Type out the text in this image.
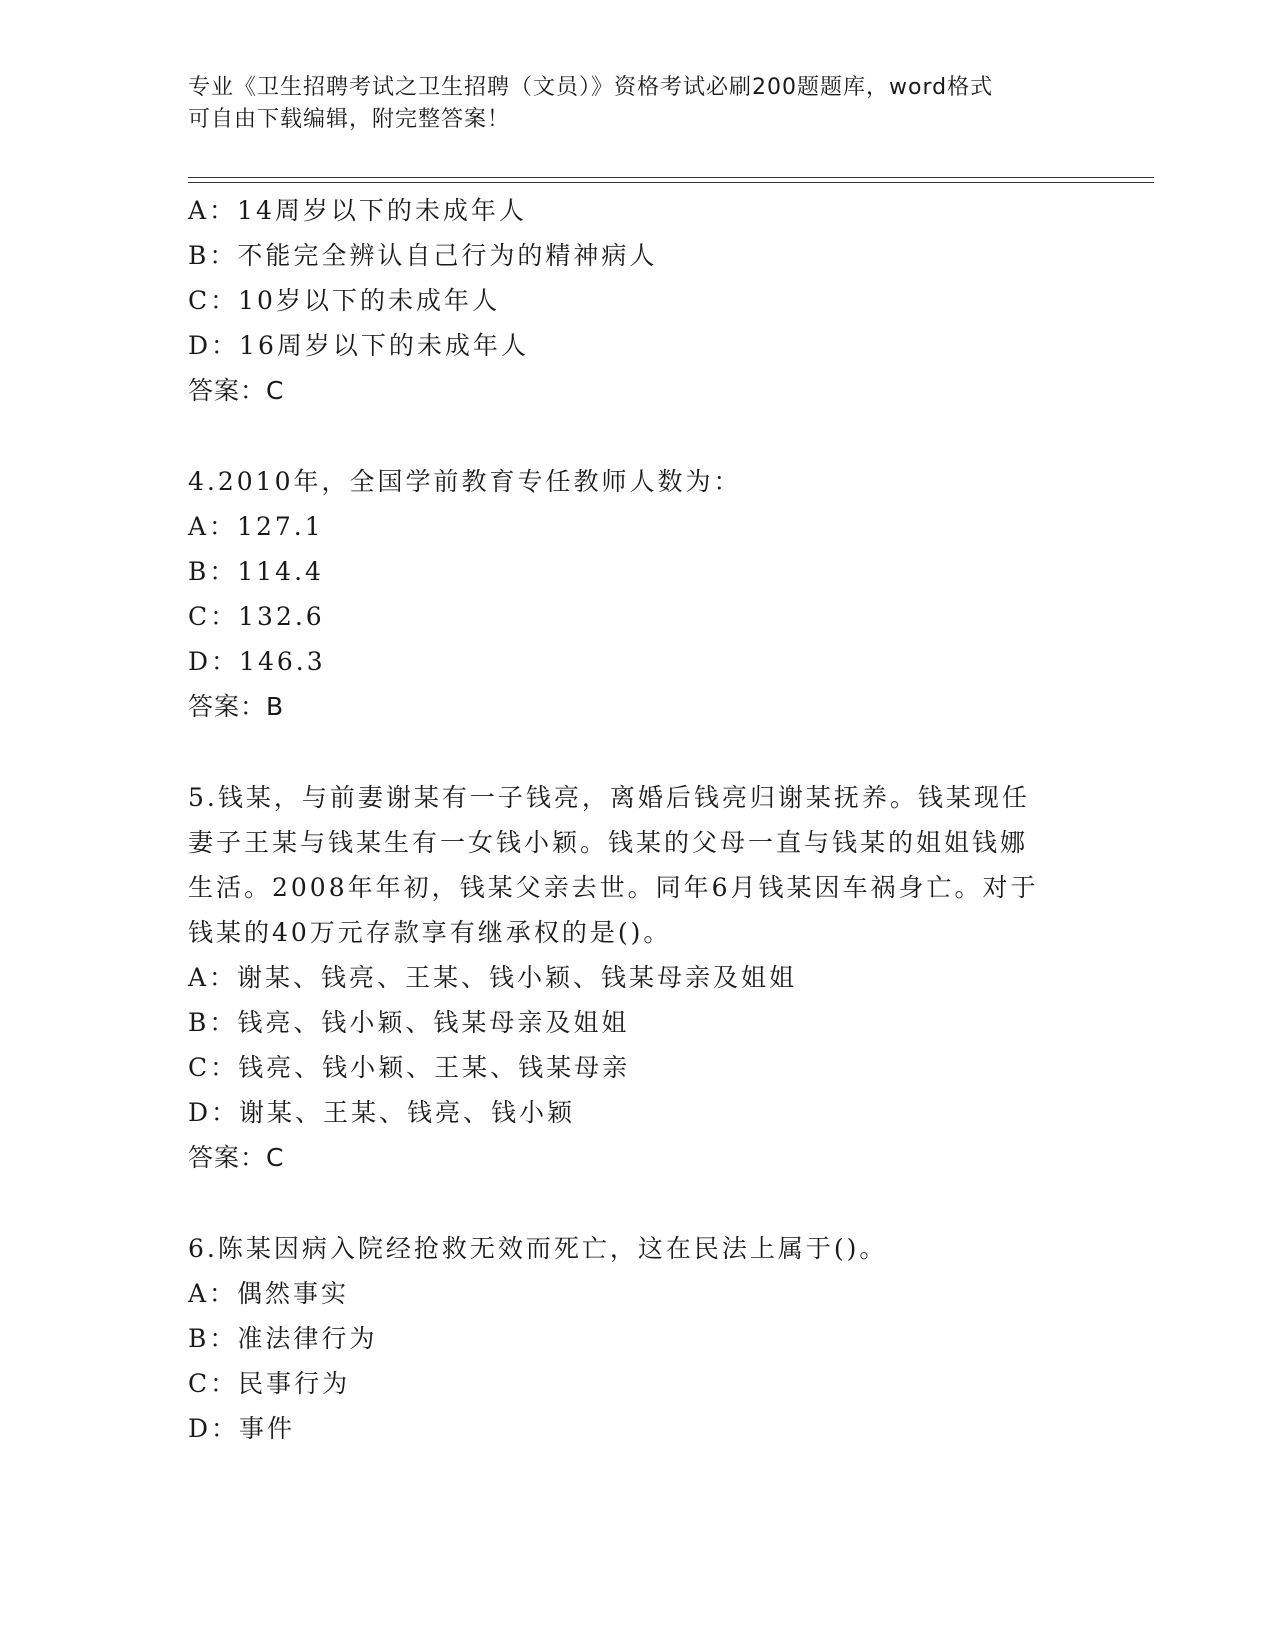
专业《卫生招聘考试之卫生招聘（文员）》资格考试必刷200题题库，word格式
可自由下载编辑，附完整答案！
A：14周岁以下的未成年人
B：不能完全辨认自己行为的精神病人
C：10岁以下的未成年人
D：16周岁以下的未成年人
答案：C
4.2010年，全国学前教育专任教师人数为：
A：127.1
B：114.4
C：132.6
D：146.3
答案：B
5.钱某，与前妻谢某有一子钱亮，离婚后钱亮归谢某抚养。钱某现任
妻子王某与钱某生有一女钱小颖。钱某的父母一直与钱某的姐姐钱娜
生活。2008年年初，钱某父亲去世。同年6月钱某因车祸身亡。对于
钱某的40万元存款享有继承权的是()。
A：谢某、钱亮、王某、钱小颖、钱某母亲及姐姐
B：钱亮、钱小颖、钱某母亲及姐姐
C：钱亮、钱小颖、王某、钱某母亲
D：谢某、王某、钱亮、钱小颖
答案：C
6.陈某因病入院经抢救无效而死亡，这在民法上属于()。
A：偶然事实
B：准法律行为
C：民事行为
D：事件
